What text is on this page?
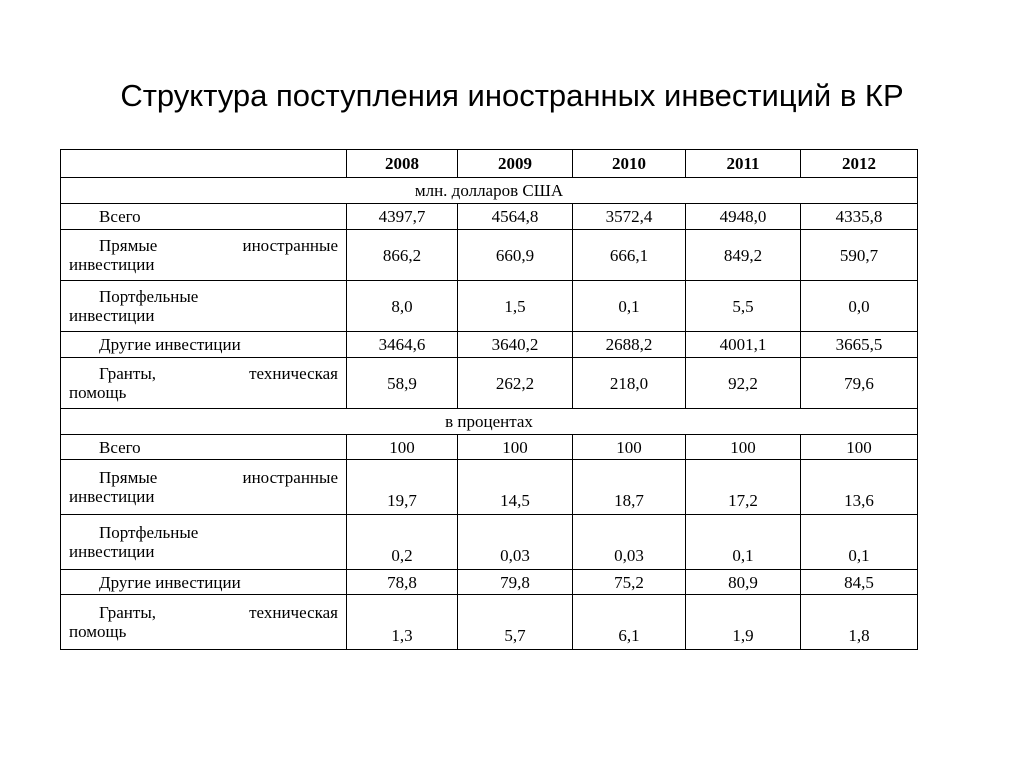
Структура поступления иностранных инвестиций в КР
	2008	2009	2010	2011	2012
млн. долларов США					
Всего	4397,7	4564,8	3572,4	4948,0	4335,8

Прямые иностранные
инвестиции	866,2	660,9	666,1	849,2	590,7

Портфельные
инвестиции	8,0	1,5	0,1	5,5	0,0
Другие инвестиции	3464,6	3640,2	2688,2	4001,1	3665,5

Гранты, техническая
помощь	58,9	262,2	218,0	92,2	79,6
в процентах					
Всего	100	100	100	100	100

Прямые иностранные
инвестиции	19,7	14,5	18,7	17,2	13,6

Портфельные
инвестиции	0,2	0,03	0,03	0,1	0,1
Другие инвестиции	78,8	79,8	75,2	80,9	84,5

Гранты, техническая
помощь	1,3	5,7	6,1	1,9	1,8
